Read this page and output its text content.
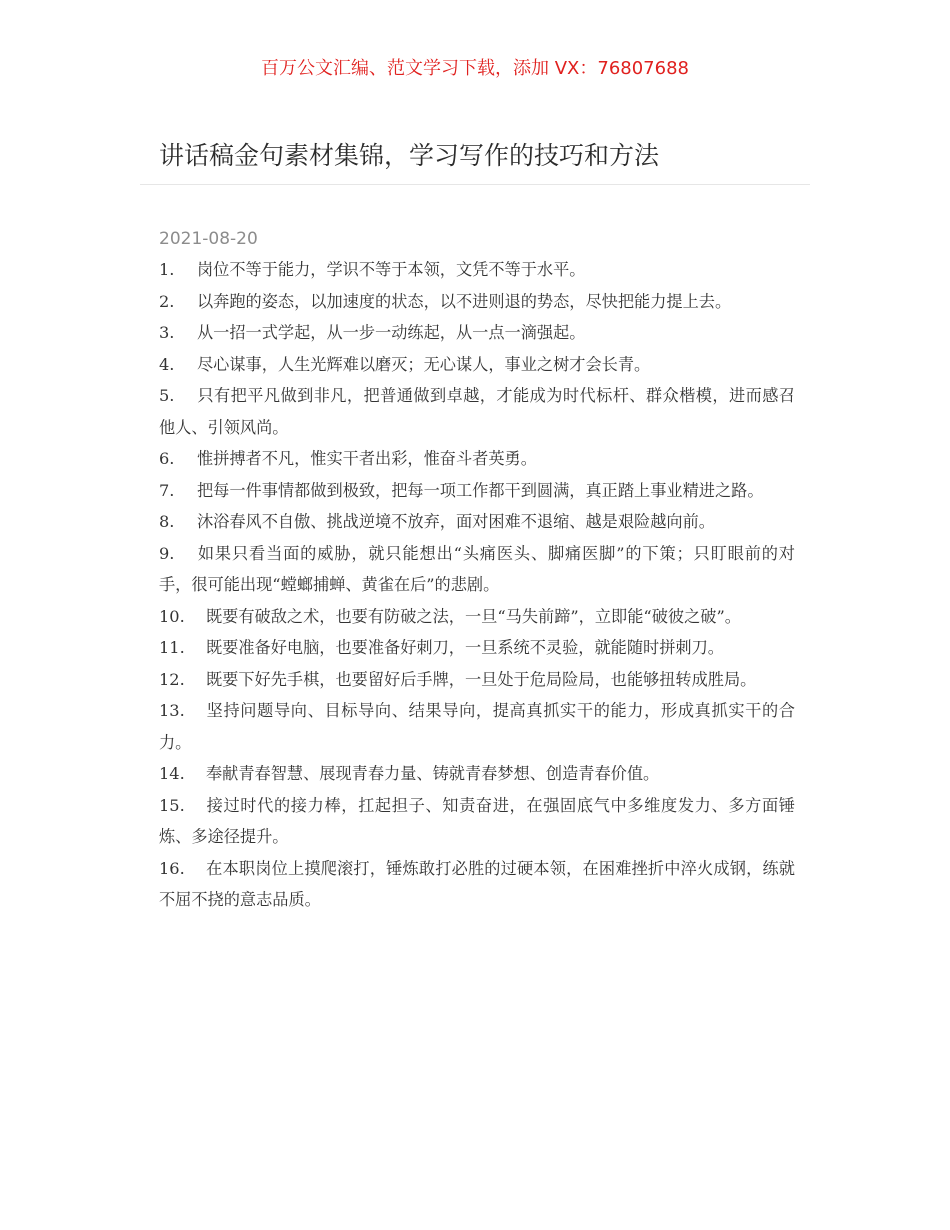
百万公文汇编、范文学习下载，添加 VX：76807688
讲话稿金句素材集锦，学习写作的技巧和方法
2021-08-20
1. 岗位不等于能力，学识不等于本领，文凭不等于水平。
2. 以奔跑的姿态，以加速度的状态，以不进则退的势态，尽快把能力提上去。
3. 从一招一式学起，从一步一动练起，从一点一滴强起。
4. 尽心谋事，人生光辉难以磨灭；无心谋人，事业之树才会长青。
5. 只有把平凡做到非凡，把普通做到卓越，才能成为时代标杆、群众楷模，进而感召他人、引领风尚。
6. 惟拼搏者不凡，惟实干者出彩，惟奋斗者英勇。
7. 把每一件事情都做到极致，把每一项工作都干到圆满，真正踏上事业精进之路。
8. 沐浴春风不自傲、挑战逆境不放弃，面对困难不退缩、越是艰险越向前。
9. 如果只看当面的威胁，就只能想出“头痛医头、脚痛医脚”的下策；只盯眼前的对手，很可能出现“螳螂捕蝉、黄雀在后”的悲剧。
10. 既要有破敌之术，也要有防破之法，一旦“马失前蹄”，立即能“破彼之破”。
11. 既要准备好电脑，也要准备好刺刀，一旦系统不灵验，就能随时拼刺刀。
12. 既要下好先手棋，也要留好后手牌，一旦处于危局险局，也能够扭转成胜局。
13. 坚持问题导向、目标导向、结果导向，提高真抓实干的能力，形成真抓实干的合力。
14. 奉献青春智慧、展现青春力量、铸就青春梦想、创造青春价值。
15. 接过时代的接力棒，扛起担子、知责奋进，在强固底气中多维度发力、多方面锤炼、多途径提升。
16. 在本职岗位上摸爬滚打，锤炼敢打必胜的过硬本领，在困难挫折中淬火成钢，练就不屈不挠的意志品质。
